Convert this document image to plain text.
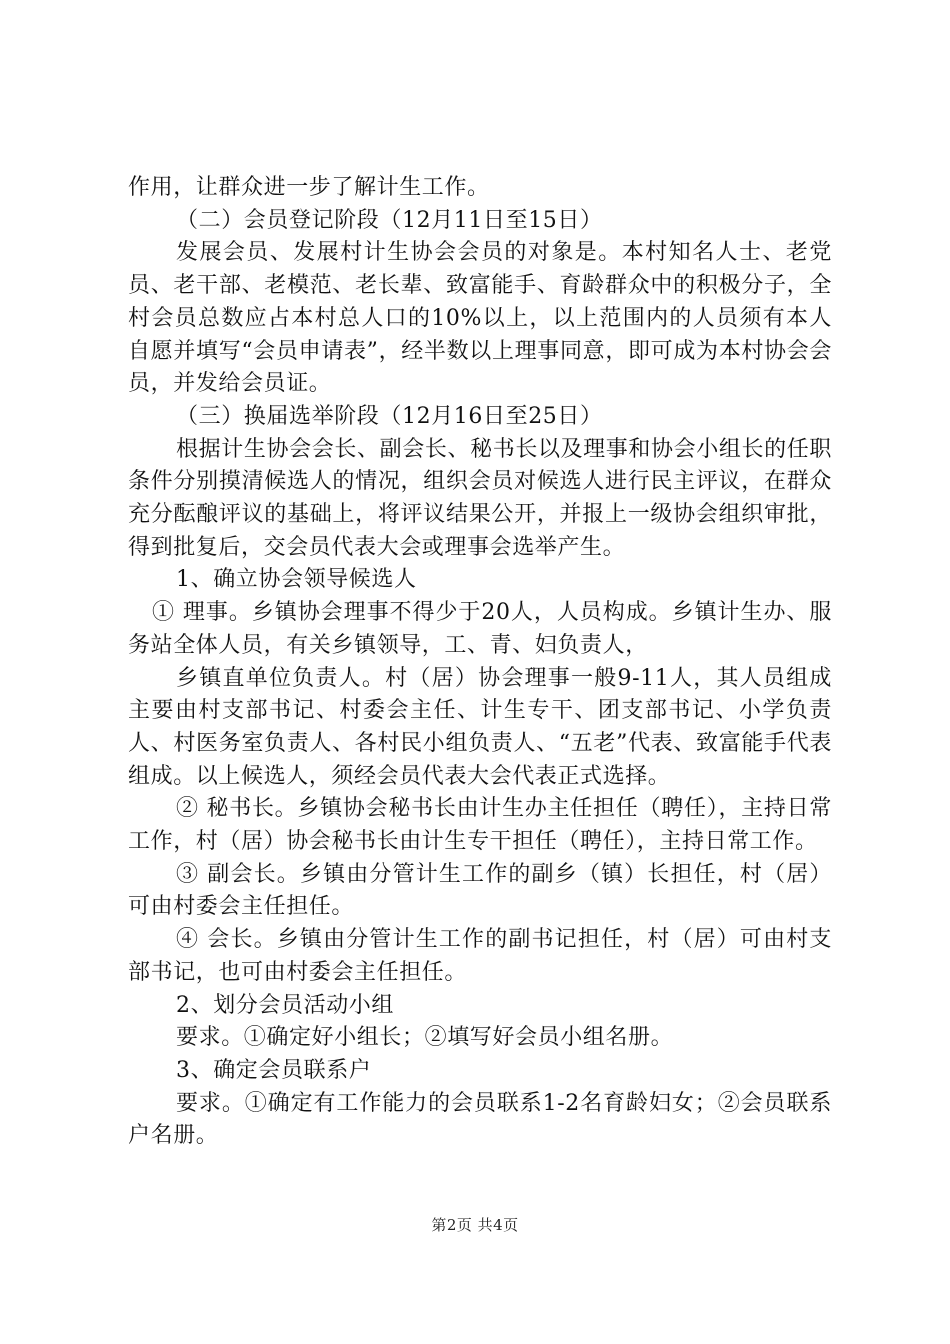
作用，让群众进一步了解计生工作。

（二）会员登记阶段（12月11日至15日）

发展会员、发展村计生协会会员的对象是。本村知名人士、老党员、老干部、老模范、老长辈、致富能手、育龄群众中的积极分子，全村会员总数应占本村总人口的10%以上，以上范围内的人员须有本人自愿并填写“会员申请表”，经半数以上理事同意，即可成为本村协会会员，并发给会员证。

（三）换届选举阶段（12月16日至25日）

根据计生协会会长、副会长、秘书长以及理事和协会小组长的任职条件分别摸清候选人的情况，组织会员对候选人进行民主评议，在群众充分酝酿评议的基础上，将评议结果公开，并报上一级协会组织审批，得到批复后，交会员代表大会或理事会选举产生。

1、确立协会领导候选人

① 理事。乡镇协会理事不得少于20人，人员构成。乡镇计生办、服务站全体人员，有关乡镇领导，工、青、妇负责人，

乡镇直单位负责人。村（居）协会理事一般9-11人，其人员组成主要由村支部书记、村委会主任、计生专干、团支部书记、小学负责人、村医务室负责人、各村民小组负责人、“五老”代表、致富能手代表组成。以上候选人，须经会员代表大会代表正式选择。

② 秘书长。乡镇协会秘书长由计生办主任担任（聘任），主持日常工作，村（居）协会秘书长由计生专干担任（聘任），主持日常工作。

③ 副会长。乡镇由分管计生工作的副乡（镇）长担任，村（居）可由村委会主任担任。

④ 会长。乡镇由分管计生工作的副书记担任，村（居）可由村支部书记，也可由村委会主任担任。

2、划分会员活动小组

要求。①确定好小组长；②填写好会员小组名册。

3、确定会员联系户

要求。①确定有工作能力的会员联系1-2名育龄妇女；②会员联系户名册。

第2页 共4页
